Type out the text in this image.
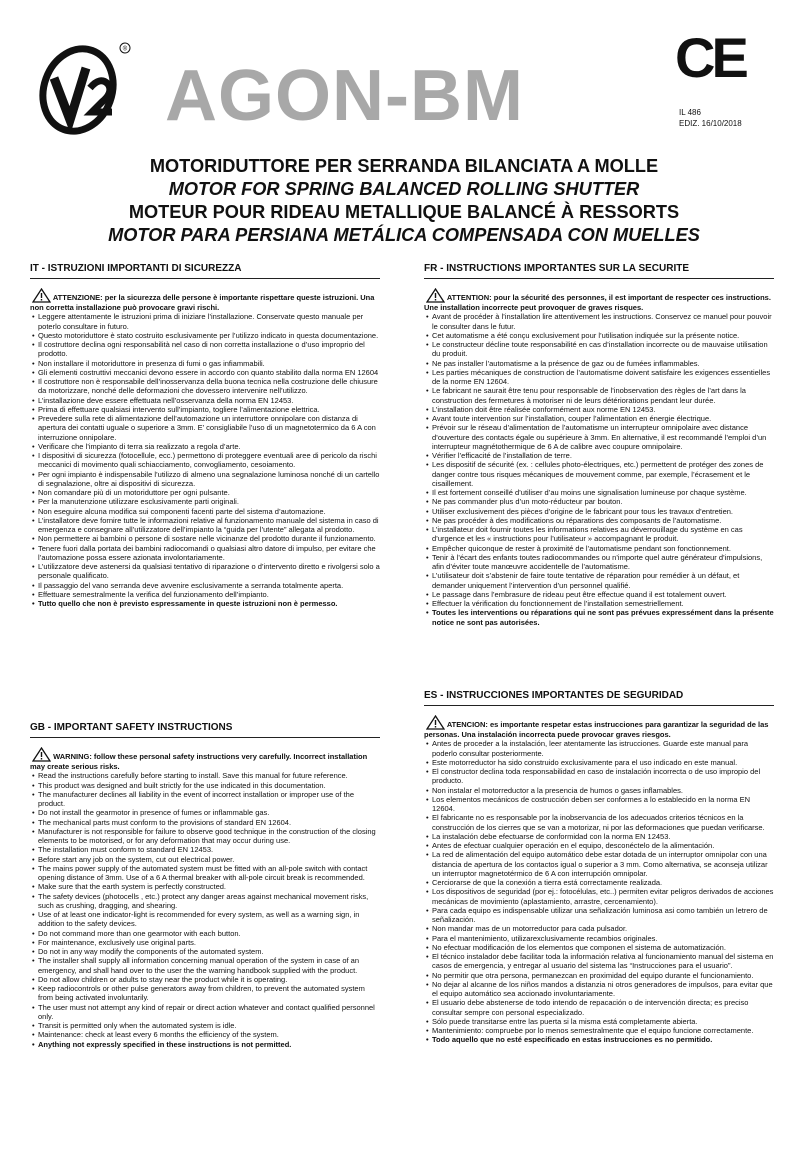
®
AGON-BM	CE
IL 486
EDIZ. 16/10/2018
MOTORIDUTTORE PER SERRANDA BILANCIATA A MOLLE
MOTOR FOR SPRING BALANCED ROLLING SHUTTER
MOTEUR POUR RIDEAU METALLIQUE BALANCÉ À RESSORTS
MOTOR PARA PERSIANA METÁLICA COMPENSADA CON MUELLES
IT - ISTRUZIONI IMPORTANTI DI SICUREZZA
ATTENZIONE: per la sicurezza delle persone è importante rispettare queste istruzioni. Una non corretta installazione può provocare gravi rischi.
• Leggere attentamente le istruzioni prima di iniziare l’installazione. Conservate questo manuale per poterlo consultare in futuro.
• Questo motoriduttore è stato costruito esclusivamente per l’utilizzo indicato in questa documentazione.
• Il costruttore declina ogni responsabilità nel caso di non corretta installazione o d’uso improprio del prodotto.
• Non installare il motoriduttore in presenza di fumi o gas infiammabili.
• Gli elementi costruttivi meccanici devono essere in accordo con quanto stabilito dalla norma EN 12604
• Il costruttore non è responsabile dell’inosservanza della buona tecnica nella costruzione delle chiusure da motorizzare, nonché delle deformazioni che dovessero intervenire nell’utilizzo.
• L’installazione deve essere effettuata nell’osservanza della norma EN 12453.
• Prima di effettuare qualsiasi intervento sull’impianto, togliere l’alimentazione elettrica.
• Prevedere sulla rete di alimentazione dell’automazione un interruttore onnipolare con distanza di apertura dei contatti uguale o superiore a 3mm. E’ consigliabile l’uso di un magnetotermico da 6 A con interruzione onnipolare.
• Verificare che l’impianto di terra sia realizzato a regola d’arte.
• I dispositivi di sicurezza (fotocellule, ecc.) permettono di proteggere eventuali aree di pericolo da rischi meccanici di movimento quali schiacciamento, convogliamento, cesoiamento.
• Per ogni impianto è indispensabile l’utilizzo di almeno una segnalazione luminosa nonché di un cartello di segnalazione, oltre ai dispositivi di sicurezza.
• Non comandare più di un motoriduttore per ogni pulsante.
• Per la manutenzione utilizzare esclusivamente parti originali.
• Non eseguire alcuna modifica sui componenti facenti parte del sistema d’automazione.
• L’installatore deve fornire tutte le informazioni relative al funzionamento manuale del sistema in caso di emergenza e consegnare all’utilizzatore dell’impianto la “guida per l’utente” allegata al prodotto.
• Non permettere ai bambini o persone di sostare nelle vicinanze del prodotto durante il funzionamento.
• Tenere fuori dalla portata dei bambini radiocomandi o qualsiasi altro datore di impulso, per evitare che l’automazione possa essere azionata involontariamente.
• L’utilizzatore deve astenersi da qualsiasi tentativo di riparazione o d’intervento diretto e rivolgersi solo a personale qualificato.
• Il passaggio del vano serranda deve avvenire esclusivamente a serranda totalmente aperta.
• Effettuare semestralmente la verifica del funzionamento dell’impianto.
• Tutto quello che non è previsto espressamente in queste istruzioni non è permesso.
GB - IMPORTANT SAFETY INSTRUCTIONS
WARNING: follow these personal safety instructions very carefully. Incorrect installation may create serious risks.
• Read the instructions carefully before starting to install. Save this manual for future reference.
• This product was designed and built strictly for the use indicated in this documentation.
• The manufacturer declines all liability in the event of incorrect installation or improper use of the product.
• Do not install the gearmotor in presence of fumes or inflammable gas.
• The mechanical parts must conform to the provisions of standard EN 12604.
• Manufacturer is not responsible for failure to observe good technique in the construction of the closing elements to be motorised, or for any deformation that may occur during use.
• The installation must conform to standard EN 12453.
• Before start any job on the system, cut out electrical power.
• The mains power supply of the automated system must be fitted with an all-pole switch with contact opening distance of 3mm. Use of a 6 A thermal breaker with all-pole circuit break is recommended.
• Make sure that the earth system is perfectly constructed.
• The safety devices (photocells , etc.) protect any danger areas against mechanical movement risks, such as crushing, dragging, and shearing.
• Use of at least one indicator-light is recommended for every system, as well as a warning sign, in addition to the safety devices.
• Do not command more than one gearmotor with each button.
• For maintenance, exclusively use original parts.
• Do not in any way modify the components of the automated system.
• The installer shall supply all information concerning manual operation of the system in case of an emergency, and shall hand over to the user the the warning handbook supplied with the product.
• Do not allow children or adults to stay near the product while it is operating.
• Keep radiocontrols or other pulse generators away from children, to prevent the automated system from being activated involuntarily.
• The user must not attempt any kind of repair or direct action whatever and contact qualified personnel only.
• Transit is permitted only when the automated system is idle.
• Maintenance: check at least every 6 months the efficiency of the system.
• Anything not expressly specified in these instructions is not permitted.
FR - INSTRUCTIONS IMPORTANTES SUR LA SECURITE
ATTENTION: pour la sécurité des personnes, il est important de respecter ces instructions. Une installation incorrecte peut provoquer de graves risques.
• Avant de procéder à l’installation lire attentivement les instructions. Conservez ce manuel pour pouvoir le consulter dans le futur.
• Cet automatisme a été conçu exclusivement pour l’utilisation indiquée sur la présente notice.
• Le constructeur décline toute responsabilité en cas d’installation incorrecte ou de mauvaise utilisation du produit.
• Ne pas installer l’automatisme a la présence de gaz ou de fumées inflammables.
• Les parties mécaniques de construction de l’automatisme doivent satisfaire les exigences essentielles de la norme EN 12604.
• Le fabricant ne saurait être tenu pour responsable de l’inobservation des règles de l’art dans la construction des fermetures à motoriser ni de leurs détériorations pendant leur durée.
• L’installation doit être réalisée conformément aux norme EN 12453.
• Avant toute intervention sur l’installation, couper l’alimentation en énergie électrique.
• Prévoir sur le réseau d’alimentation de l’automatisme un interrupteur omnipolaire avec distance d’ouverture des contacts égale ou supérieure à 3mm. En alternative, il est recommandé l’emploi d’un interrupteur magnétothermique de 6 A de calibre avec coupure omnipolaire.
• Vérifier l’efficacité de l’installation de terre.
• Les dispositif de sécurité (ex. : cellules photo-électriques, etc.) permettent de protéger des zones de danger contre tous risques mécaniques de mouvement comme, par exemple, l’écrasement et le cisaillement.
• Il est fortement conseillé d’utiliser d’au moins une signalisation lumineuse por chaque système.
• Ne pas commander plus d’un moto-réducteur par bouton.
• Utiliser exclusivement des pièces d’origine de le fabricant pour tous les travaux d’entretien.
• Ne pas procéder à des modifications ou réparations des composants de l’automatisme.
• L’installateur doit fournir toutes les informations relatives au déverrouillage du système en cas d’urgence et les « instructions pour l’utilisateur » accompagnant le produit.
• Empêcher quiconque de rester à proximité de l’automatisme pendant son fonctionnement.
• Tenir à l’écart des enfants toutes radiocommandes ou n’importe quel autre générateur d’impulsions, afin d’éviter toute manœuvre accidentelle de l’automatisme.
• L’utilisateur doit s’abstenir de faire toute tentative de réparation pour remédier à un défaut, et demander uniquement l’intervention d’un personnel qualifié.
• Le passage dans l’embrasure de rideau peut être effectue quand il est totalement ouvert.
• Effectuer la vérification du fonctionnement de l’installation semestriellement.
• Toutes les interventions ou réparations qui ne sont pas prévues expressément dans la présente notice ne sont pas autorisées.
ES - INSTRUCCIONES IMPORTANTES DE SEGURIDAD
ATENCION: es importante respetar estas instrucciones para garantizar la seguridad de las personas. Una instalación incorrecta puede provocar graves riesgos.
• Antes de proceder a la instalación, leer atentamente las istrucciones. Guarde este manual para poderlo consultar posteriormente.
• Este motorreductor ha sido construido exclusivamente para el uso indicado en este manual.
• El constructor declina toda responsabilidad en caso de instalación incorrecta o de uso impropio del producto.
• Non instalar el motorreductor a la presencia de humos o gases inflamables.
• Los elementos mecánicos de costrucción deben ser conformes a lo establecido en la norma EN 12604.
• El fabricante no es responsable por la inobservancia de los adecuados criterios técnicos en la construcción de los cierres que se van a motorizar, ni por las deformaciones que puedan verificarse.
• La instalación debe efectuarse de conformidad con la norma EN 12453.
• Antes de efectuar cualquier operación en el equipo, desconéctelo de la alimentación.
• La red de alimentación del equipo automático debe estar dotada de un interruptor omnipolar con una distancia de apertura de los contactos igual o superior a 3 mm. Como alternativa, se aconseja utilizar un interruptor magnetotérmico de 6 A con interrupción omnipolar.
• Cerciorarse de que la conexión a tierra está correctamente realizada.
• Los dispositivos de seguridad (por ej.: fotocélulas, etc..) permiten evitar peligros derivados de acciones mecánicas de movimiento (aplastamiento, arrastre, cercenamiento).
• Para cada equipo es indispensable utilizar una señalización luminosa asi como también un letrero de señalización.
• Non mandar mas de un motorreductor para cada pulsador.
• Para el mantenimiento, utilizarexclusivamente recambios originales.
• No efectuar modificación de los elementos que componen el sistema de automatización.
• El técnico instalador debe facilitar toda la información relativa al funcionamiento manual del sistema en casos de emergencia, y entregar al usuario del sistema las “Instrucciones para el usuario”.
• No permitir que otra persona, permanezcan en proximidad del equipo durante el funcionamiento.
• No dejar al alcanne de los niños mandos a distanzia ni otros generadores de impulsos, para evitar que el equipo automático sea accionado involuntariamente.
• El usuario debe abstenerse de todo intendo de repacación o de intervención directa; es preciso consultar sempre con personal especializado.
• Sólo puede transitarse entre las puerta si la misma está completamente abierta.
• Mantenimiento: compruebe por lo menos semestralmente que el equipo funcione correctamente.
• Todo aquello que no esté especificado en estas instrucciones es no permitido.
